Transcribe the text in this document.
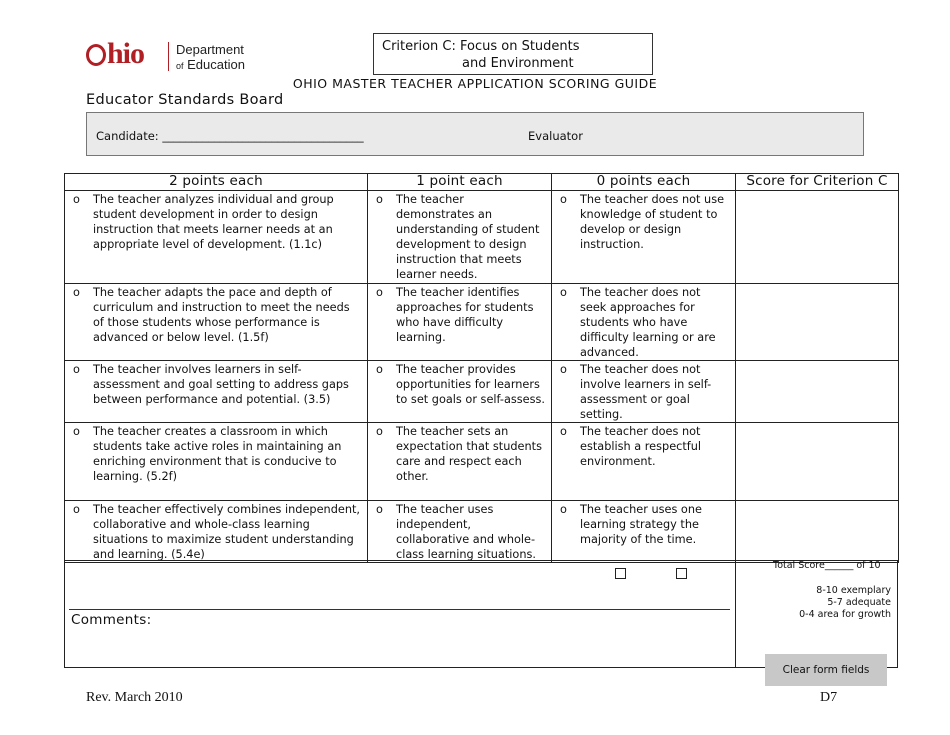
hio Department
of Education
Criterion C: Focus on Students
and Environment
OHIO MASTER TEACHER APPLICATION SCORING GUIDE
Educator Standards Board
Candidate: ___________________________________	Evaluator
2 points each	1 point each	0 points each	Score for Criterion C

o The teacher analyzes individual and group student development in order to design instruction that meets learner needs at an appropriate level of development. (1.1c)	o The teacher demonstrates an understanding of student development to design instruction that meets learner needs.	o The teacher does not use knowledge of student to develop or design instruction.	

o The teacher adapts the pace and depth of curriculum and instruction to meet the needs of those students whose performance is advanced or below level. (1.5f)	o The teacher identifies approaches for students who have difficulty learning.	o The teacher does not seek approaches for students who have difficulty learning or are advanced.	

o The teacher involves learners in self-assessment and goal setting to address gaps between performance and potential. (3.5)	o The teacher provides opportunities for learners to set goals or self-assess.	o The teacher does not involve learners in self-assessment or goal setting.	

o The teacher creates a classroom in which students take active roles in maintaining an enriching environment that is conducive to learning. (5.2f)	o The teacher sets an expectation that students care and respect each other.	o The teacher does not establish a respectful environment.	

o The teacher effectively combines independent, collaborative and whole-class learning situations to maximize student understanding and learning. (5.4e)	o The teacher uses independent, collaborative and whole-class learning situations.	o The teacher uses one learning strategy the majority of the time.	

Comments:
Total Score______ of 10
8-10 exemplary
5-7 adequate
0-4 area for growth
Clear form fields
Rev. March 2010	D7
